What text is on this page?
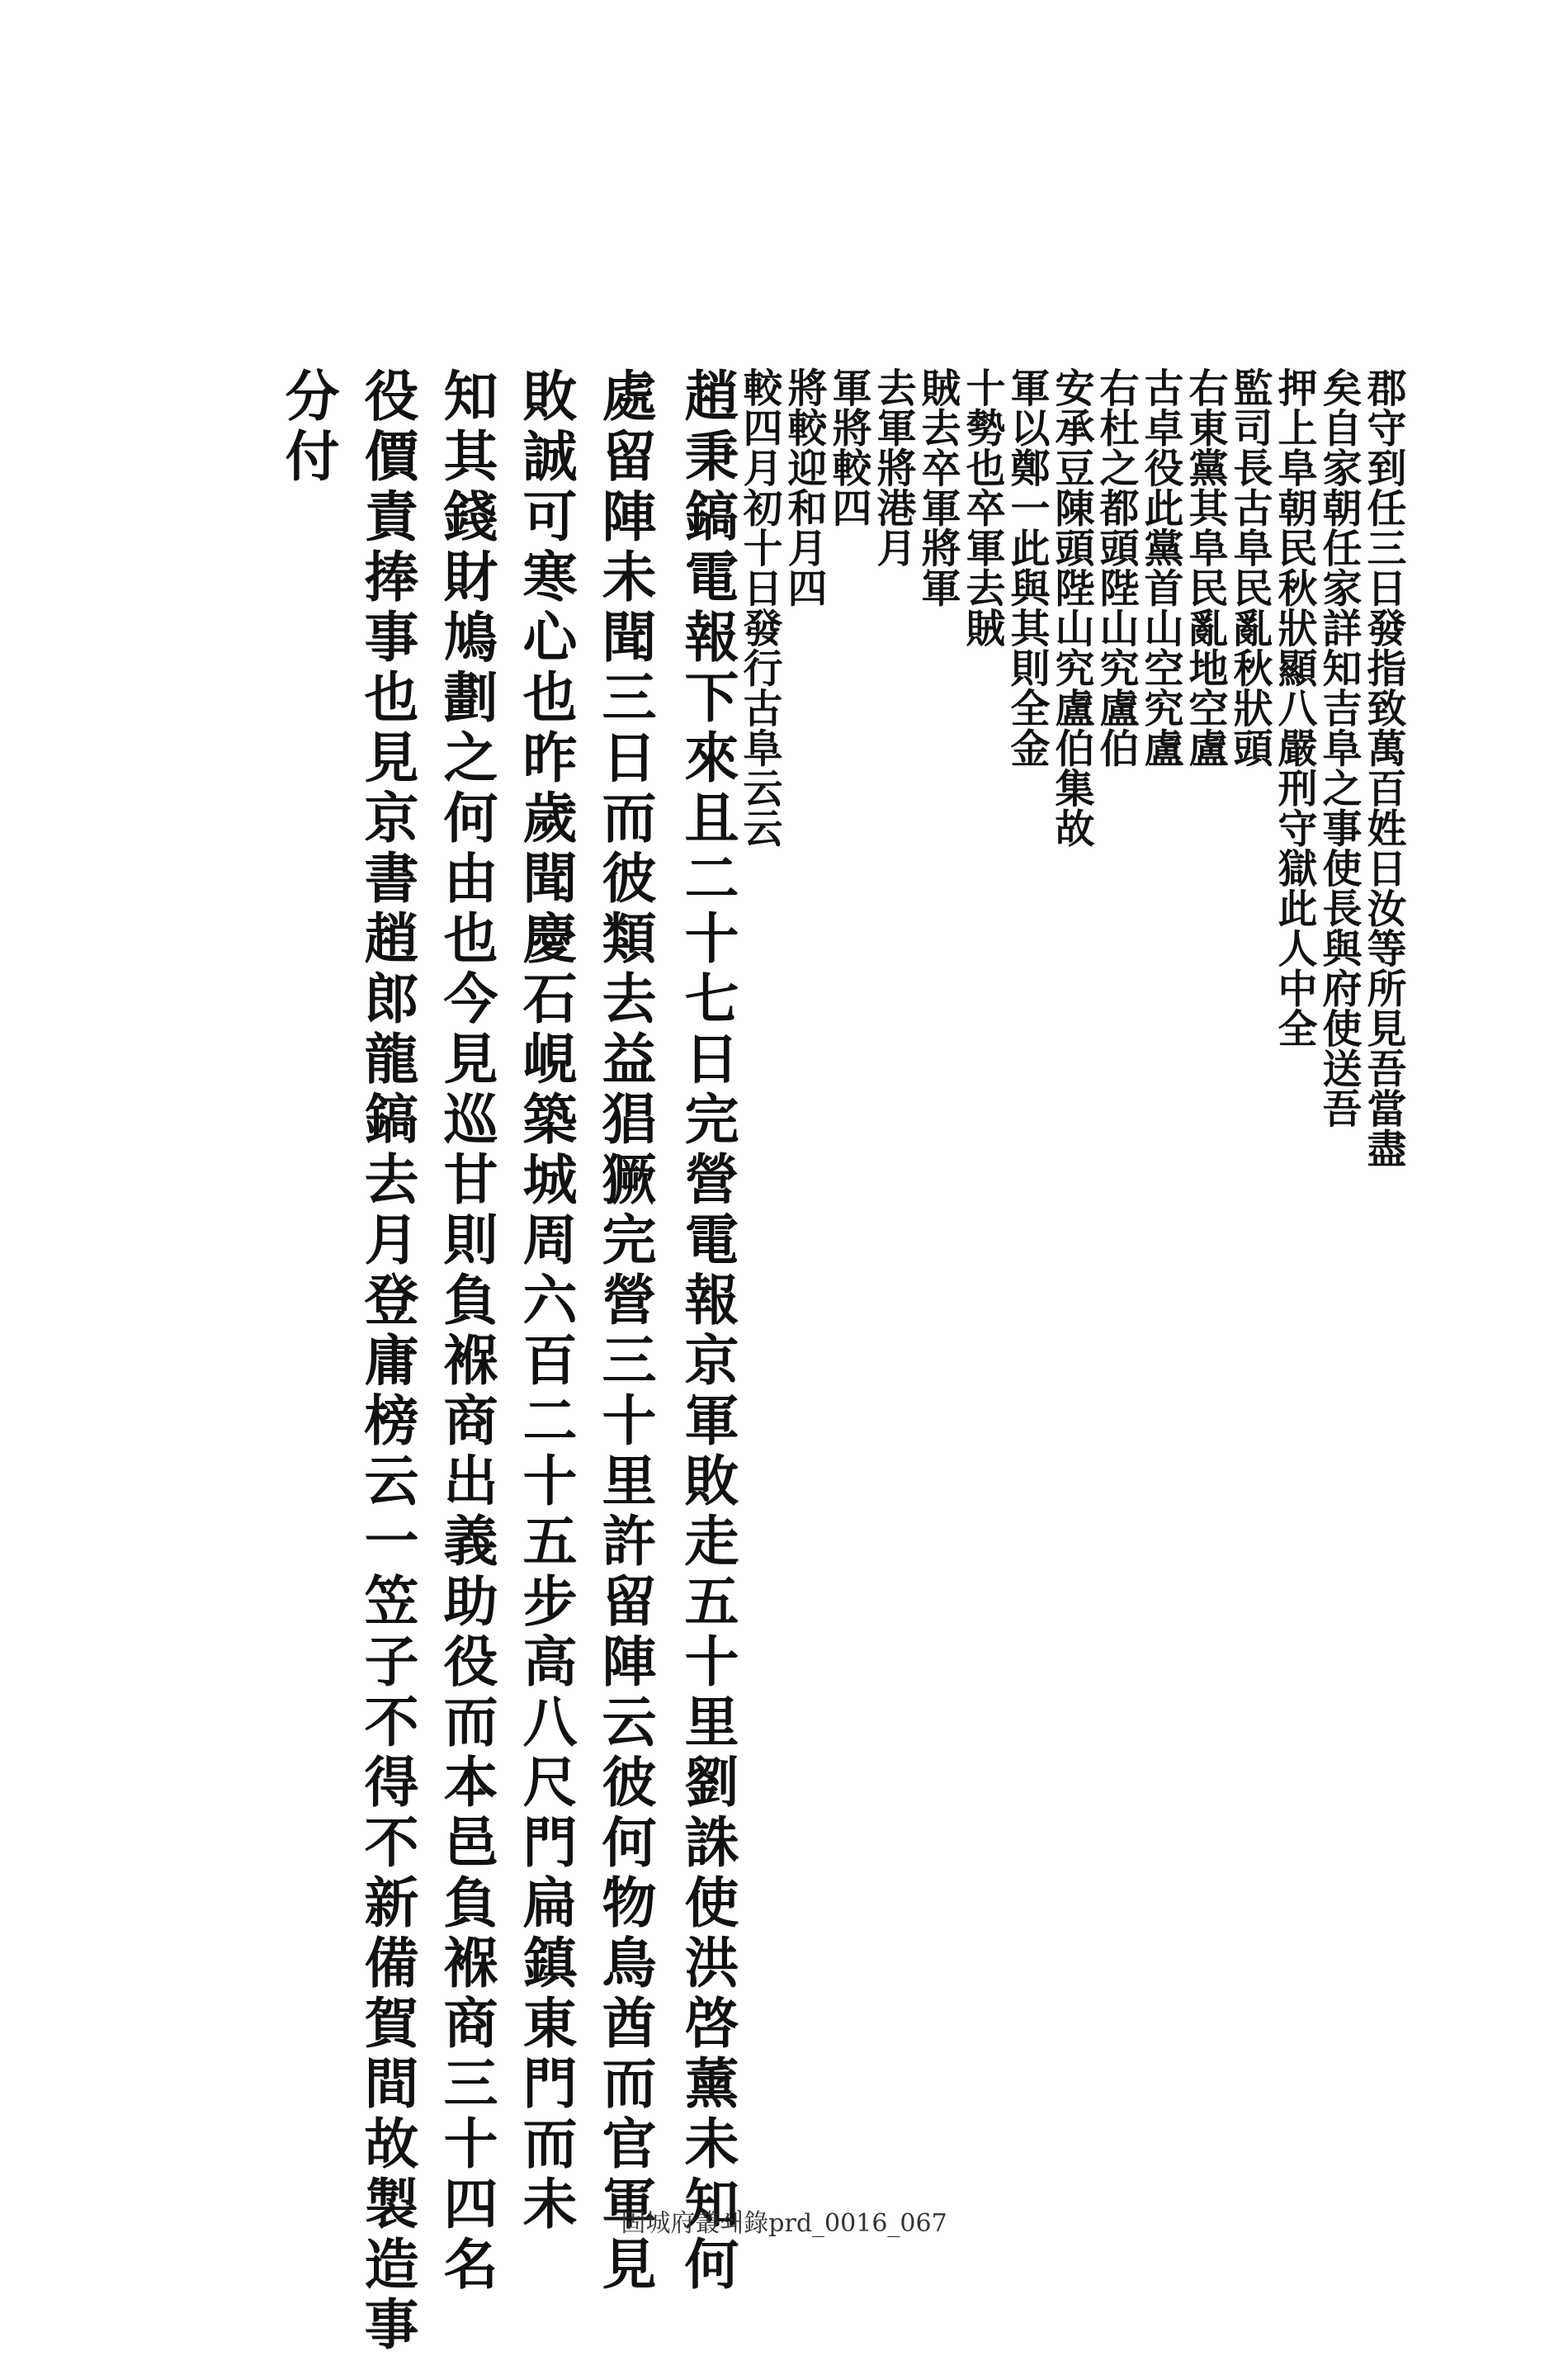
郡守到任三日發指致萬百姓日汝等所見吾當盡
矣自家朝任家詳知吉阜之事使長與府使送吾
押上阜朝民秋狀顯八嚴刑守獄此人中全
監司長古阜民亂秋狀頭
右東黨其阜民亂地空盧
古卓役此黨首山空究盧
右杜之都頭陛山究盧伯
安承豆陳頭陛山究盧伯集故
軍以鄭一此與其則全金
十勢也卒軍去賊
賊去卒軍將軍
去軍將港月
軍將較四
將較迎和月四
較四月初十日發行古阜云云
趙秉鎬電報下來且二十七日完營電報京軍敗走五十里劉誅使洪啓薰未知何
處留陣未聞三日而彼類去益猖獗完營三十里許留陣云彼何物鳥酋而官軍見
敗誠可寒心也昨歲聞慶石峴築城周六百二十五步高八尺門扁鎮東門而未
知其錢財鳩劃之何由也今見巡甘則負褓商出義助役而本邑負褓商三十四名
役價責捧事也見京書趙郎龍鎬去月登庸榜云一笠子不得不新備賀間故製造事
分付
固城府叢쇄錄prd_0016_067
